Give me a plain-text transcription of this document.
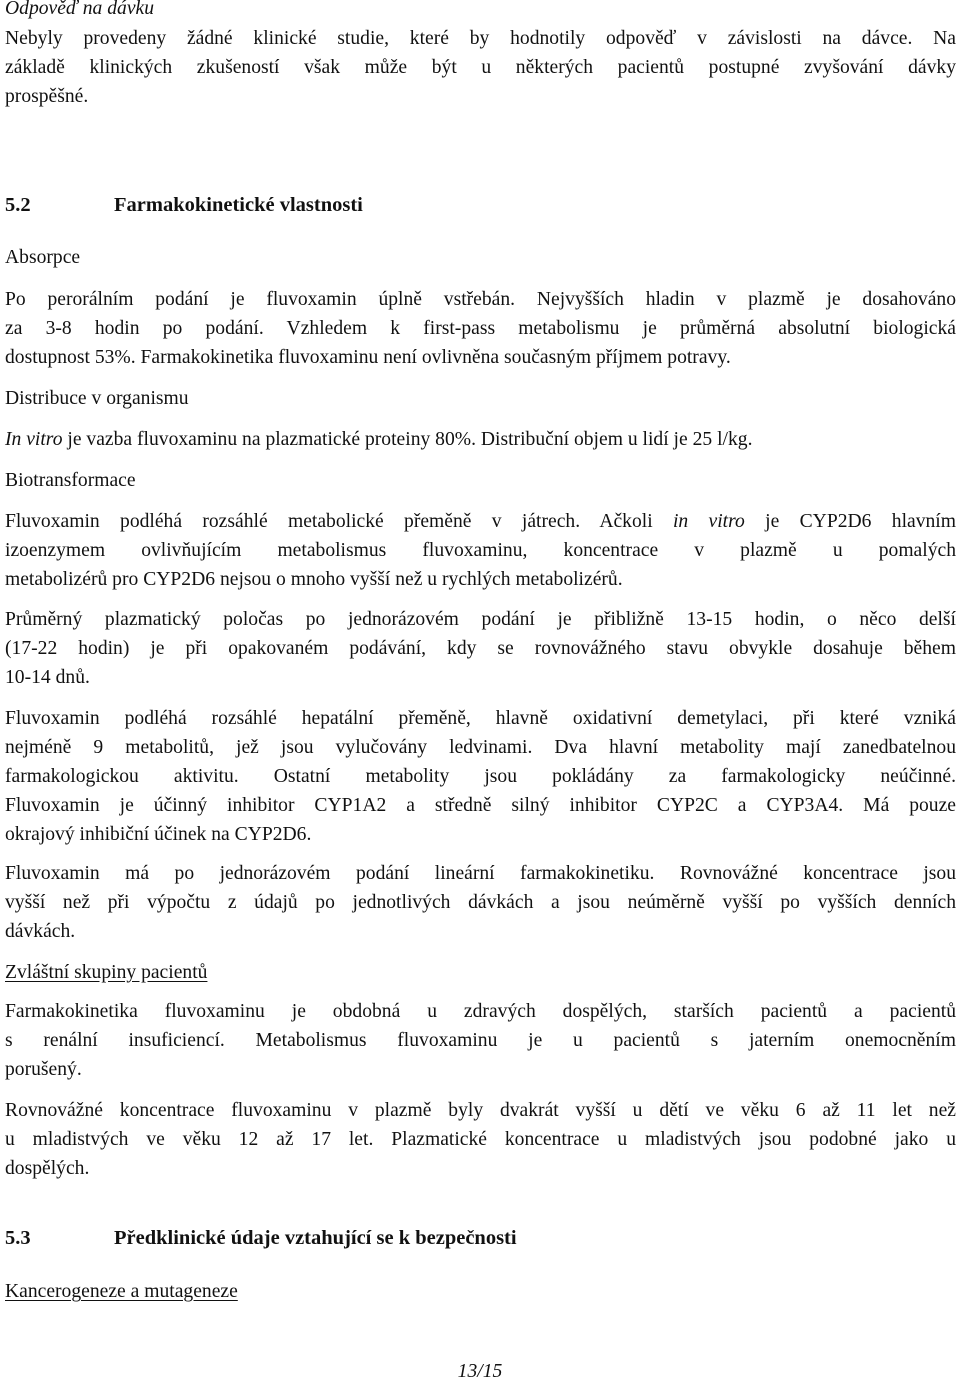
Odpověď na dávku
Nebyly provedeny žádné klinické studie, které by hodnotily odpověď v závislosti na dávce. Na
základě klinických zkušeností však může být u některých pacientů postupné zvyšování dávky
prospěšné.
5.2	Farmakokinetické vlastnosti
Absorpce
Po perorálním podání je fluvoxamin úplně vstřebán. Nejvyšších hladin v plazmě je dosahováno
za 3-8 hodin po podání. Vzhledem k first-pass metabolismu je průměrná absolutní biologická
dostupnost 53%. Farmakokinetika fluvoxaminu není ovlivněna současným příjmem potravy.
Distribuce v organismu
In vitro je vazba fluvoxaminu na plazmatické proteiny 80%. Distribuční objem u lidí je 25 l/kg.
Biotransformace
Fluvoxamin podléhá rozsáhlé metabolické přeměně v játrech. Ačkoli in vitro je CYP2D6 hlavním
izoenzymem ovlivňujícím metabolismus fluvoxaminu, koncentrace v plazmě u pomalých
metabolizérů pro CYP2D6 nejsou o mnoho vyšší než u rychlých metabolizérů.
Průměrný plazmatický poločas po jednorázovém podání je přibližně 13-15 hodin, o něco delší
(17-22 hodin) je při opakovaném podávání, kdy se rovnovážného stavu obvykle dosahuje během
10-14 dnů.
Fluvoxamin podléhá rozsáhlé hepatální přeměně, hlavně oxidativní demetylaci, při které vzniká
nejméně 9 metabolitů, jež jsou vylučovány ledvinami. Dva hlavní metabolity mají zanedbatelnou
farmakologickou aktivitu. Ostatní metabolity jsou pokládány za farmakologicky neúčinné.
Fluvoxamin je účinný inhibitor CYP1A2 a středně silný inhibitor CYP2C a CYP3A4. Má pouze
okrajový inhibiční účinek na CYP2D6.
Fluvoxamin má po jednorázovém podání lineární farmakokinetiku. Rovnovážné koncentrace jsou
vyšší než při výpočtu z údajů po jednotlivých dávkách a jsou neúměrně vyšší po vyšších denních
dávkách.
Zvláštní skupiny pacientů
Farmakokinetika fluvoxaminu je obdobná u zdravých dospělých, starších pacientů a pacientů
s renální insuficiencí. Metabolismus fluvoxaminu je u pacientů s jaterním onemocněním
porušený.
Rovnovážné koncentrace fluvoxaminu v plazmě byly dvakrát vyšší u dětí ve věku 6 až 11 let než
u mladistvých ve věku 12 až 17 let. Plazmatické koncentrace u mladistvých jsou podobné jako u
dospělých.
5.3	Předklinické údaje vztahující se k bezpečnosti
Kancerogeneze a mutageneze
13/15
